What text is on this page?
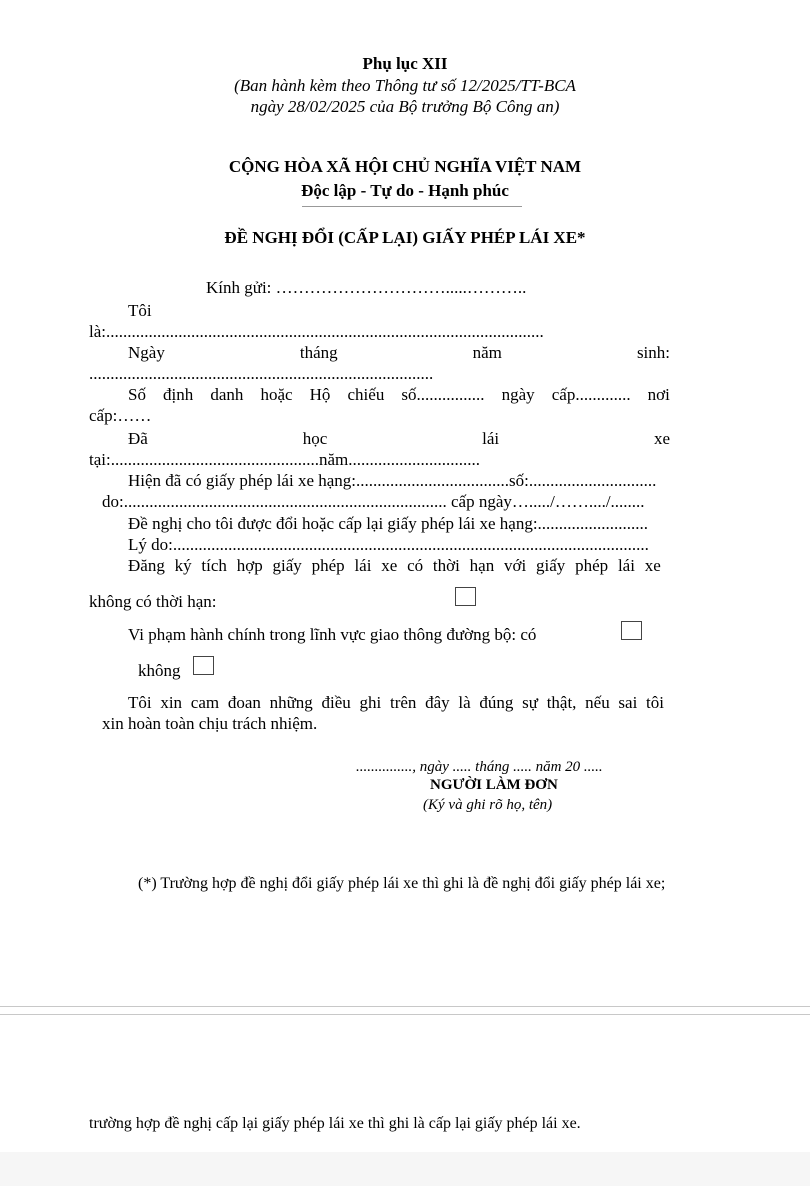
Phụ lục XII
(Ban hành kèm theo Thông tư số 12/2025/TT-BCA
ngày 28/02/2025 của Bộ trưởng Bộ Công an)
CỘNG HÒA XÃ HỘI CHỦ NGHĨA VIỆT NAM
Độc lập - Tự do - Hạnh phúc
ĐỀ NGHỊ ĐỔI (CẤP LẠI) GIẤY PHÉP LÁI XE*
Kính gửi: ………………………….....………..
Tôi
là:.......................................................................................................
Ngày	tháng	năm	sinh:
.................................................................................
Số định danh hoặc Hộ chiếu số................ ngày cấp............. nơi
cấp:……
Đã	học	lái	xe
tại:.................................................năm...............................
Hiện đã có giấy phép lái xe hạng:....................................số:..............................
do:............................................................................ cấp ngày…...../……..../........
Đề nghị cho tôi được đổi hoặc cấp lại giấy phép lái xe hạng:..........................
Lý do:................................................................................................................
Đăng ký tích hợp giấy phép lái xe có thời hạn với giấy phép lái xe
không có thời hạn:
Vi phạm hành chính trong lĩnh vực giao thông đường bộ: có
không
Tôi xin cam đoan những điều ghi trên đây là đúng sự thật, nếu sai tôi
xin hoàn toàn chịu trách nhiệm.
..............., ngày ..... tháng ..... năm 20 .....
NGƯỜI LÀM ĐƠN
(Ký và ghi rõ họ, tên)
(*) Trường hợp đề nghị đổi giấy phép lái xe thì ghi là đề nghị đổi giấy phép lái xe;
trường hợp đề nghị cấp lại giấy phép lái xe thì ghi là cấp lại giấy phép lái xe.
